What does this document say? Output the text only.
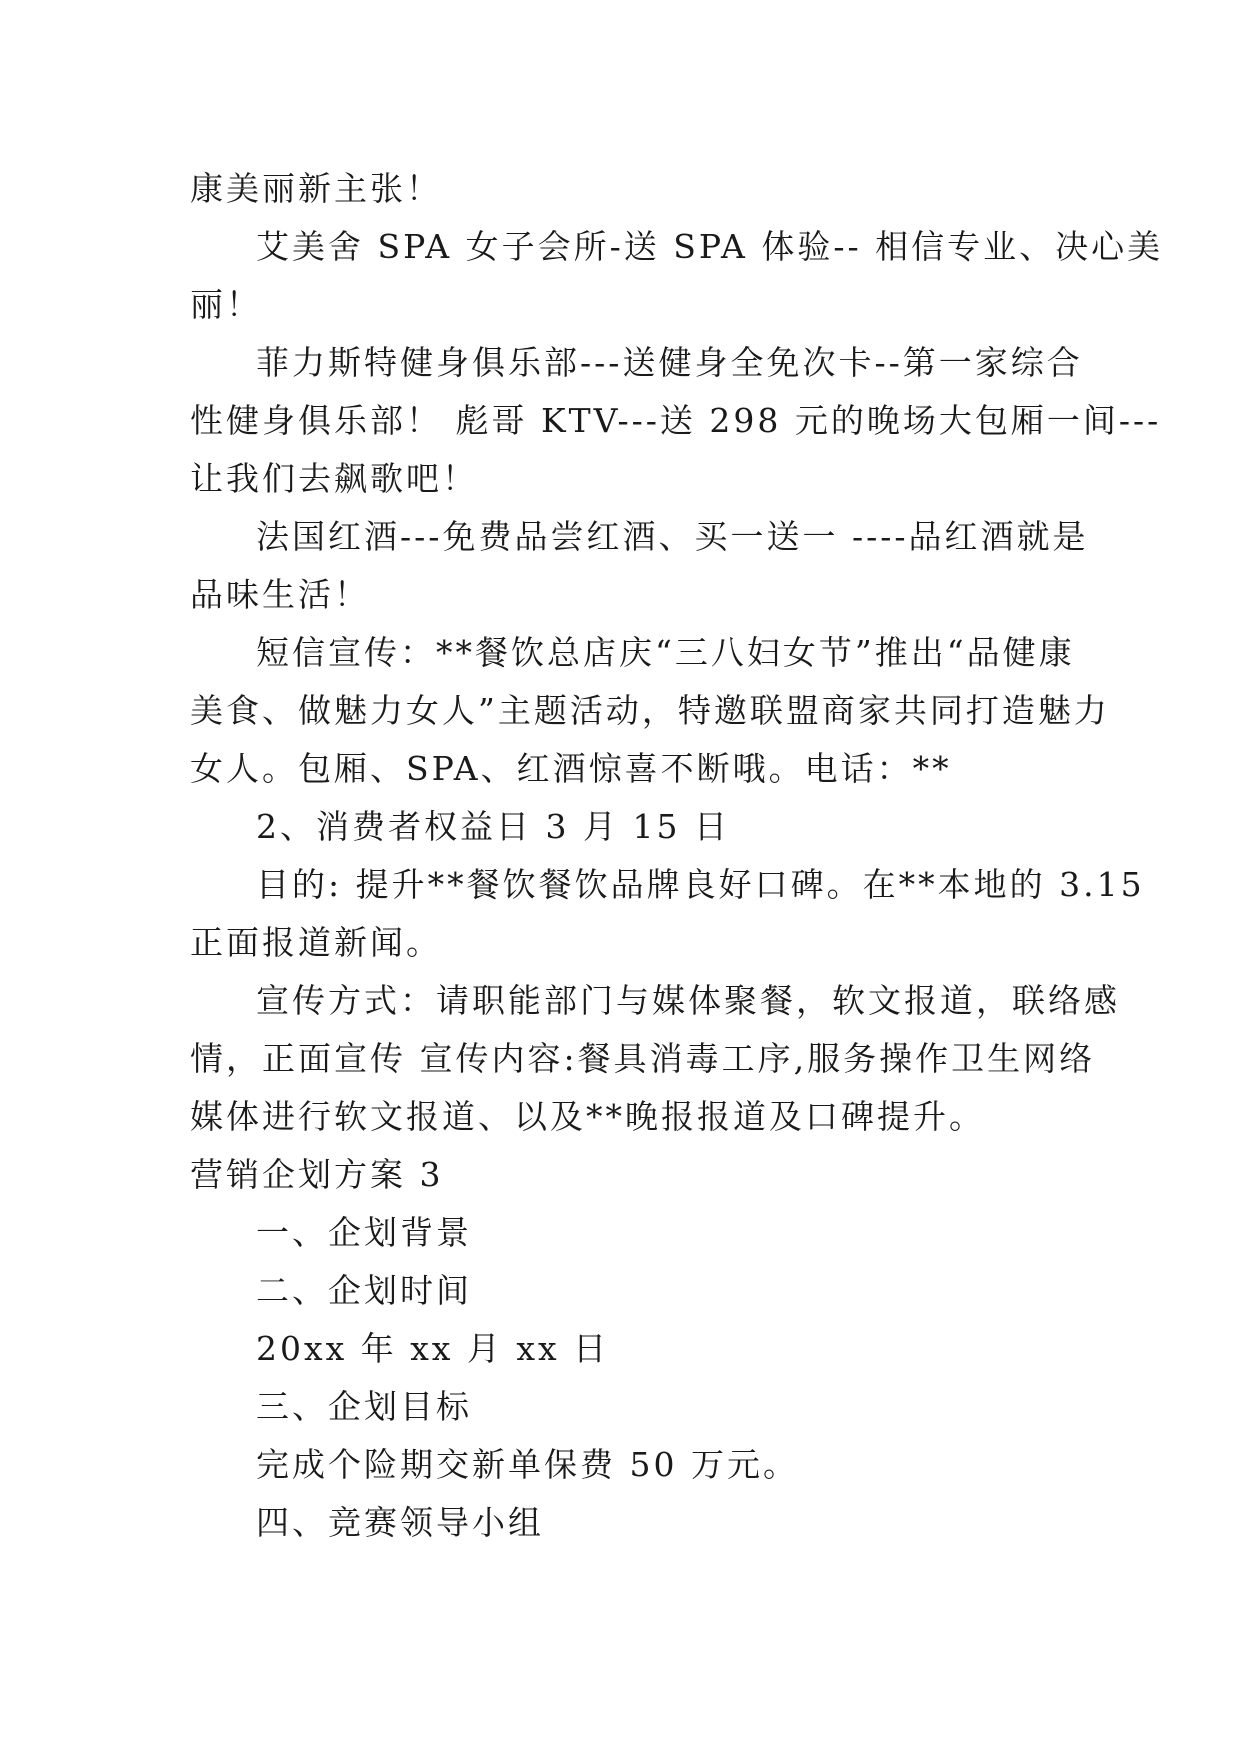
康美丽新主张！

艾美舍 SPA 女子会所-送 SPA 体验-- 相信专业、决心美

丽！

菲力斯特健身俱乐部---送健身全免次卡--第一家综合

性健身俱乐部！ 彪哥 KTV---送 298 元的晚场大包厢一间---

让我们去飙歌吧！

法国红酒---免费品尝红酒、买一送一 ----品红酒就是

品味生活！

短信宣传：**餐饮总店庆“三八妇女节”推出“品健康

美食、做魅力女人”主题活动，特邀联盟商家共同打造魅力

女人。包厢、SPA、红酒惊喜不断哦。电话：**

2、消费者权益日 3 月 15 日

目的: 提升**餐饮餐饮品牌良好口碑。在**本地的 3.15

正面报道新闻。

宣传方式：请职能部门与媒体聚餐，软文报道，联络感

情，正面宣传 宣传内容:餐具消毒工序,服务操作卫生网络

媒体进行软文报道、以及**晚报报道及口碑提升。

营销企划方案 3

一、企划背景

二、企划时间

20xx 年 xx 月 xx 日

三、企划目标

完成个险期交新单保费 50 万元。

四、竞赛领导小组
